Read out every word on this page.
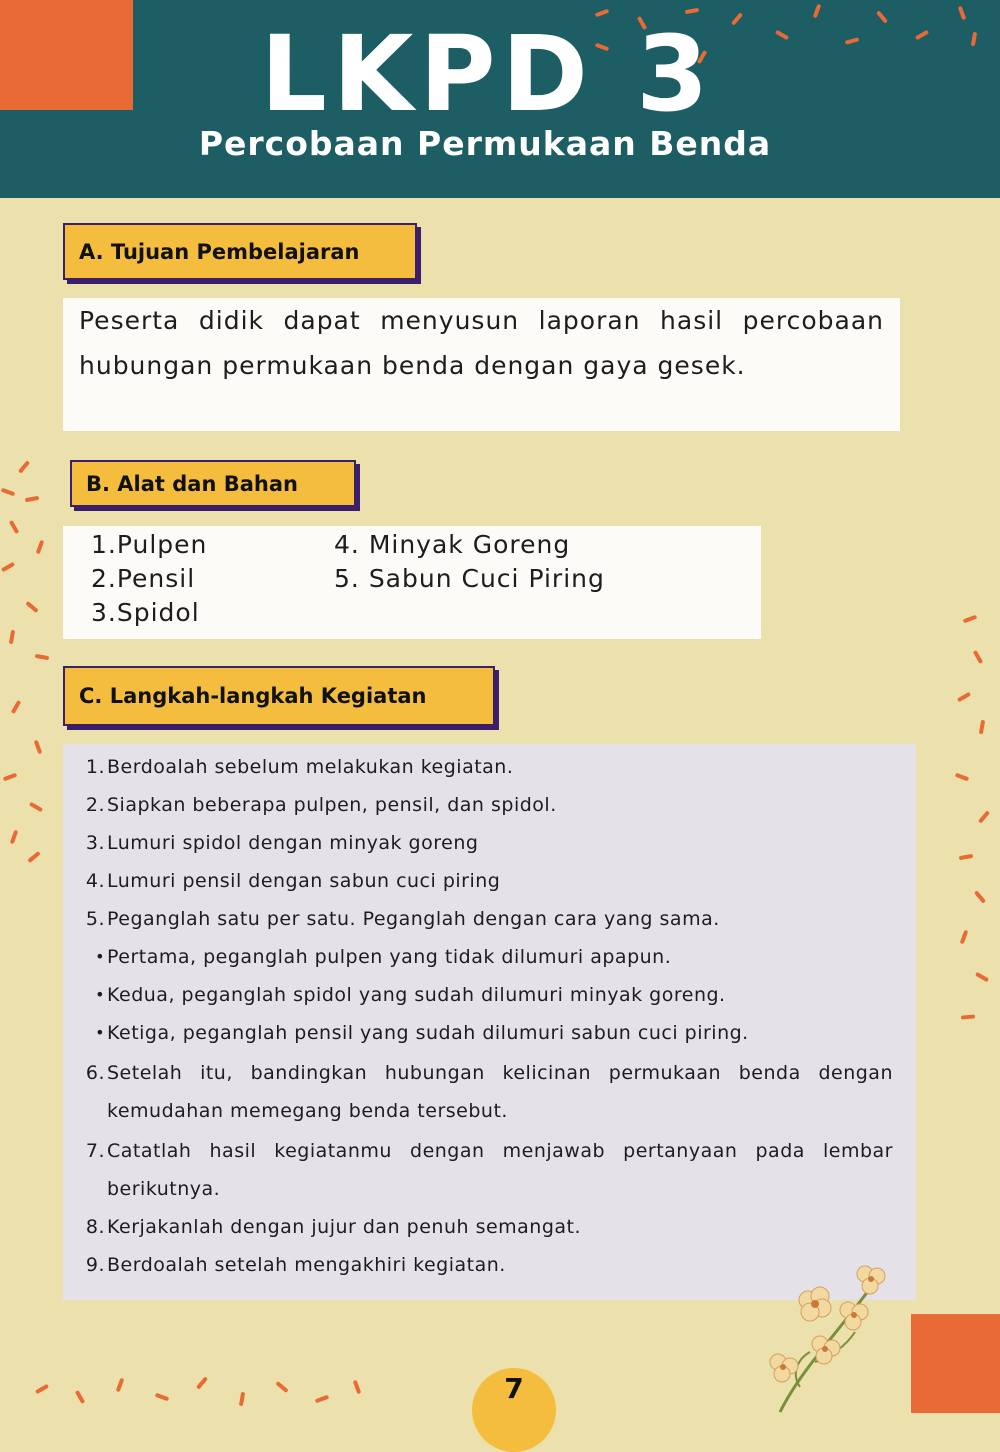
LKPD 3
Percobaan Permukaan Benda
A. Tujuan Pembelajaran

Peserta didik dapat menyusun laporan hasil percobaan hubungan permukaan benda dengan gaya gesek.

B. Alat dan Bahan
1.Pulpen
2.Pensil
3.Spidol
4. Minyak Goreng
5. Sabun Cuci Piring
C. Langkah-langkah Kegiatan
1. Berdoalah sebelum melakukan kegiatan.
2. Siapkan beberapa pulpen, pensil, dan spidol.
3. Lumuri spidol dengan minyak goreng
4. Lumuri pensil dengan sabun cuci piring
5. Peganglah satu per satu. Peganglah dengan cara yang sama.
• Pertama, peganglah pulpen yang tidak dilumuri apapun.
• Kedua, peganglah spidol yang sudah dilumuri minyak goreng.
• Ketiga, peganglah pensil yang sudah dilumuri sabun cuci piring.
6. Setelah itu, bandingkan hubungan kelicinan permukaan benda dengan kemudahan memegang benda tersebut.
7. Catatlah hasil kegiatanmu dengan menjawab pertanyaan pada lembar berikutnya.
8. Kerjakanlah dengan jujur dan penuh semangat.
9. Berdoalah setelah mengakhiri kegiatan.
7
